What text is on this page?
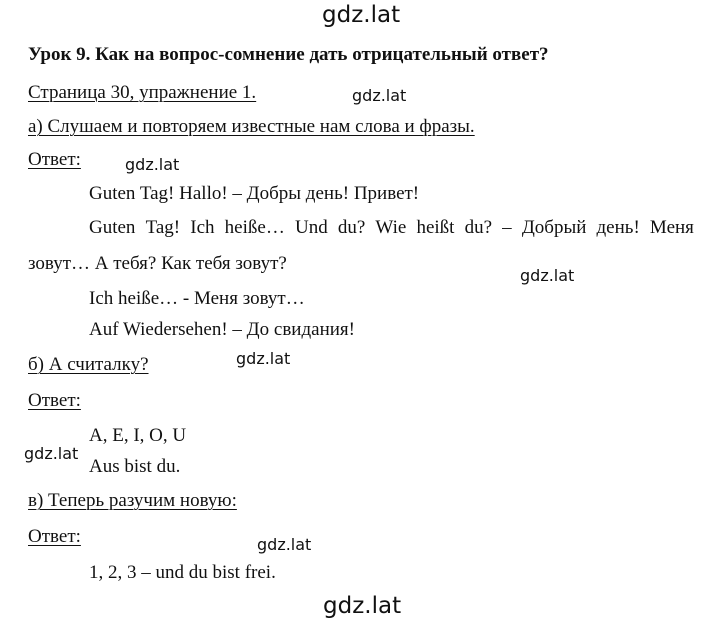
gdz.lat
Урок 9. Как на вопрос-сомнение дать отрицательный ответ?
Страница 30, упражнение 1.	gdz.lat
а) Слушаем и повторяем известные нам слова и фразы.
Ответ:	gdz.lat
Guten Tag! Hallo! – Добры день! Привет!
Guten Tag! Ich heiße… Und du? Wie heißt du? – Добрый день! Меня
зовут… А тебя? Как тебя зовут?
gdz.lat
Ich heiße… - Меня зовут…
Auf Wiedersehen! – До свидания!
б) А считалку?	gdz.lat
Ответ:
A, E, I, O, U
gdz.lat
Aus bist du.
в) Теперь разучим новую:
Ответ:	gdz.lat
1, 2, 3 – und du bist frei.
gdz.lat
